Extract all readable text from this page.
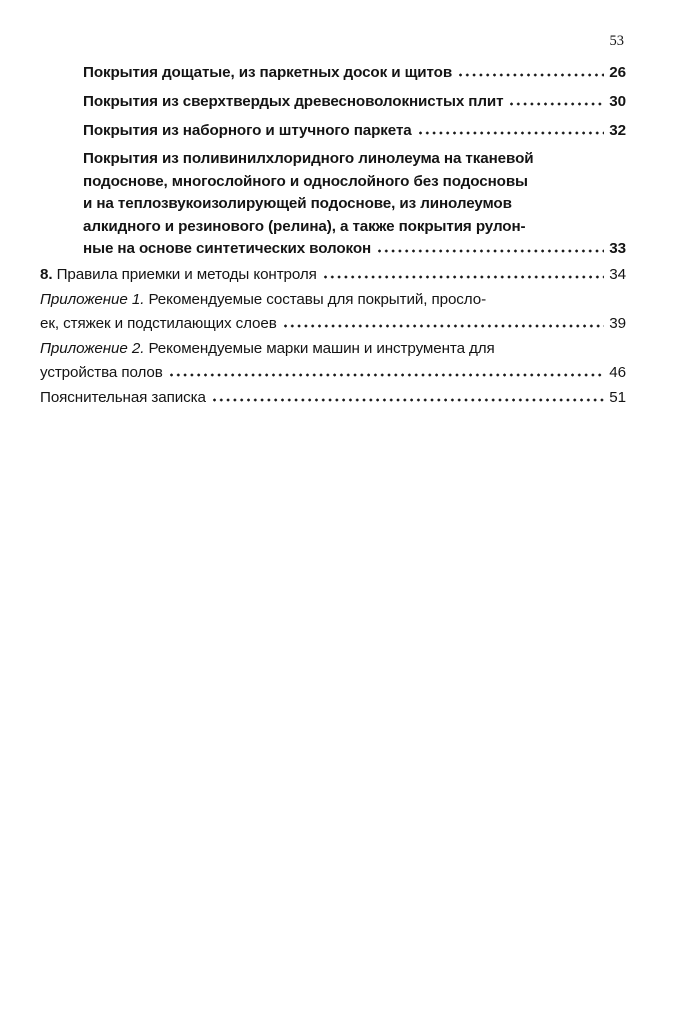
53
Покрытия дощатые, из паркетных досок и щитов	26
Покрытия из сверхтвердых древесноволокнистых плит	30
Покрытия из наборного и штучного паркета	32
Покрытия из поливинилхлоридного линолеума на тканевой
подоснове, многослойного и однослойного без подосновы
и на теплозвукоизолирующей подоснове, из линолеумов
алкидного и резинового (релина), а также покрытия рулон-
ные на основе синтетических волокон	33
8. Правила приемки и методы контроля	34
Приложение 1. Рекомендуемые составы для покрытий, просло-
ек, стяжек и подстилающих слоев	39
Приложение 2. Рекомендуемые марки машин и инструмента для
устройства полов	46
Пояснительная записка	51
